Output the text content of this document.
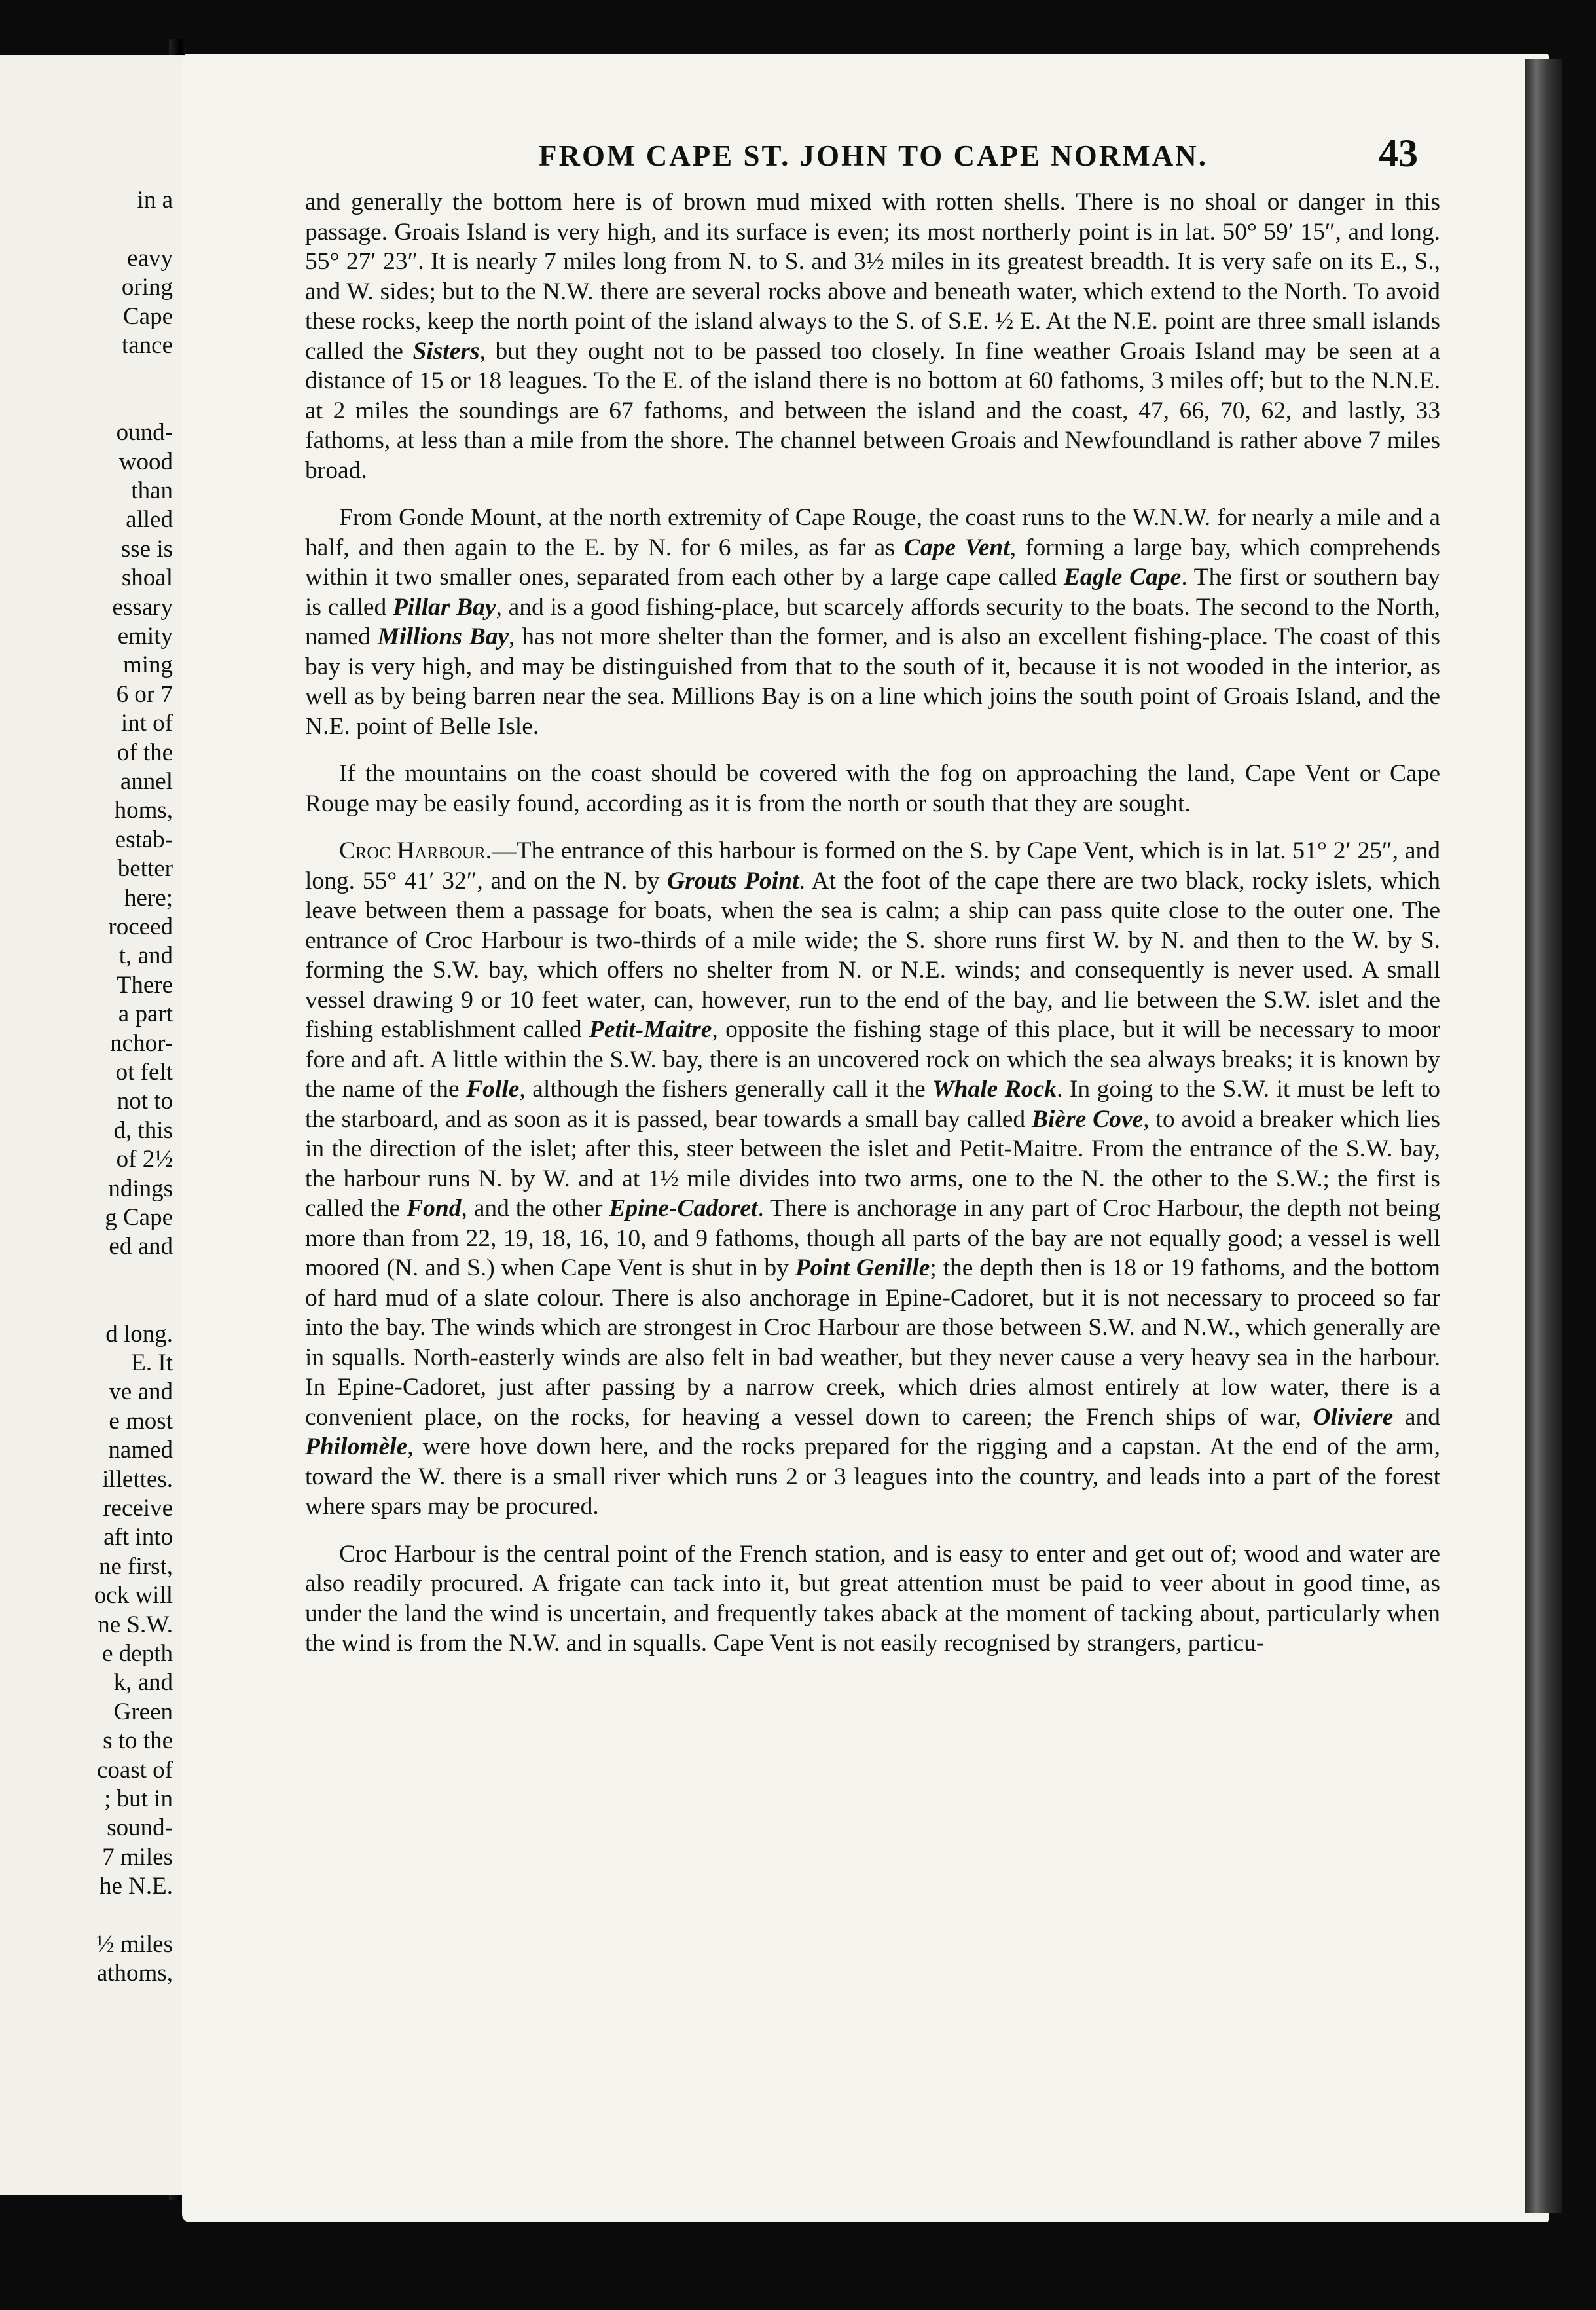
in a
eavy
oring
Cape
tance
ound-
wood
than
alled
sse is
shoal
essary
emity
ming
6 or 7
int of
of the
annel
homs,
estab-
better
here;
roceed
t, and
There
a part
nchor-
ot felt
not to
d, this
of 2½
ndings
g Cape
ed and
d long.
E. It
ve and
e most
named
illettes.
receive
aft into
ne first,
ock will
ne S.W.
e depth
k, and
Green
s to the
coast of
; but in
sound-
7 miles
he N.E.
½ miles
athoms,
FROM CAPE ST. JOHN TO CAPE NORMAN.	43

and generally the bottom here is of brown mud mixed with rotten shells. There is no shoal or danger in this passage. Groais Island is very high, and its surface is even; its most northerly point is in lat. 50° 59′ 15″, and long. 55° 27′ 23″. It is nearly 7 miles long from N. to S. and 3½ miles in its greatest breadth. It is very safe on its E., S., and W. sides; but to the N.W. there are several rocks above and beneath water, which extend to the North. To avoid these rocks, keep the north point of the island always to the S. of S.E. ½ E. At the N.E. point are three small islands called the Sisters, but they ought not to be passed too closely. In fine weather Groais Island may be seen at a distance of 15 or 18 leagues. To the E. of the island there is no bottom at 60 fathoms, 3 miles off; but to the N.N.E. at 2 miles the soundings are 67 fathoms, and between the island and the coast, 47, 66, 70, 62, and lastly, 33 fathoms, at less than a mile from the shore. The channel between Groais and Newfoundland is rather above 7 miles broad.

From Gonde Mount, at the north extremity of Cape Rouge, the coast runs to the W.N.W. for nearly a mile and a half, and then again to the E. by N. for 6 miles, as far as Cape Vent, forming a large bay, which comprehends within it two smaller ones, separated from each other by a large cape called Eagle Cape. The first or southern bay is called Pillar Bay, and is a good fishing-place, but scarcely affords security to the boats. The second to the North, named Millions Bay, has not more shelter than the former, and is also an excellent fishing-place. The coast of this bay is very high, and may be distinguished from that to the south of it, because it is not wooded in the interior, as well as by being barren near the sea. Millions Bay is on a line which joins the south point of Groais Island, and the N.E. point of Belle Isle.

If the mountains on the coast should be covered with the fog on approaching the land, Cape Vent or Cape Rouge may be easily found, according as it is from the north or south that they are sought.

Croc Harbour.—The entrance of this harbour is formed on the S. by Cape Vent, which is in lat. 51° 2′ 25″, and long. 55° 41′ 32″, and on the N. by Grouts Point. At the foot of the cape there are two black, rocky islets, which leave between them a passage for boats, when the sea is calm; a ship can pass quite close to the outer one. The entrance of Croc Harbour is two-thirds of a mile wide; the S. shore runs first W. by N. and then to the W. by S. forming the S.W. bay, which offers no shelter from N. or N.E. winds; and consequently is never used. A small vessel drawing 9 or 10 feet water, can, however, run to the end of the bay, and lie between the S.W. islet and the fishing establishment called Petit-Maitre, opposite the fishing stage of this place, but it will be necessary to moor fore and aft. A little within the S.W. bay, there is an uncovered rock on which the sea always breaks; it is known by the name of the Folle, although the fishers generally call it the Whale Rock. In going to the S.W. it must be left to the starboard, and as soon as it is passed, bear towards a small bay called Bière Cove, to avoid a breaker which lies in the direction of the islet; after this, steer between the islet and Petit-Maitre. From the entrance of the S.W. bay, the harbour runs N. by W. and at 1½ mile divides into two arms, one to the N. the other to the S.W.; the first is called the Fond, and the other Epine-Cadoret. There is anchorage in any part of Croc Harbour, the depth not being more than from 22, 19, 18, 16, 10, and 9 fathoms, though all parts of the bay are not equally good; a vessel is well moored (N. and S.) when Cape Vent is shut in by Point Genille; the depth then is 18 or 19 fathoms, and the bottom of hard mud of a slate colour. There is also anchorage in Epine-Cadoret, but it is not necessary to proceed so far into the bay. The winds which are strongest in Croc Harbour are those between S.W. and N.W., which generally are in squalls. North-easterly winds are also felt in bad weather, but they never cause a very heavy sea in the harbour. In Epine-Cadoret, just after passing by a narrow creek, which dries almost entirely at low water, there is a convenient place, on the rocks, for heaving a vessel down to careen; the French ships of war, Oliviere and Philomèle, were hove down here, and the rocks prepared for the rigging and a capstan. At the end of the arm, toward the W. there is a small river which runs 2 or 3 leagues into the country, and leads into a part of the forest where spars may be procured.

Croc Harbour is the central point of the French station, and is easy to enter and get out of; wood and water are also readily procured. A frigate can tack into it, but great attention must be paid to veer about in good time, as under the land the wind is uncertain, and frequently takes aback at the moment of tacking about, particularly when the wind is from the N.W. and in squalls. Cape Vent is not easily recognised by strangers, particu-
